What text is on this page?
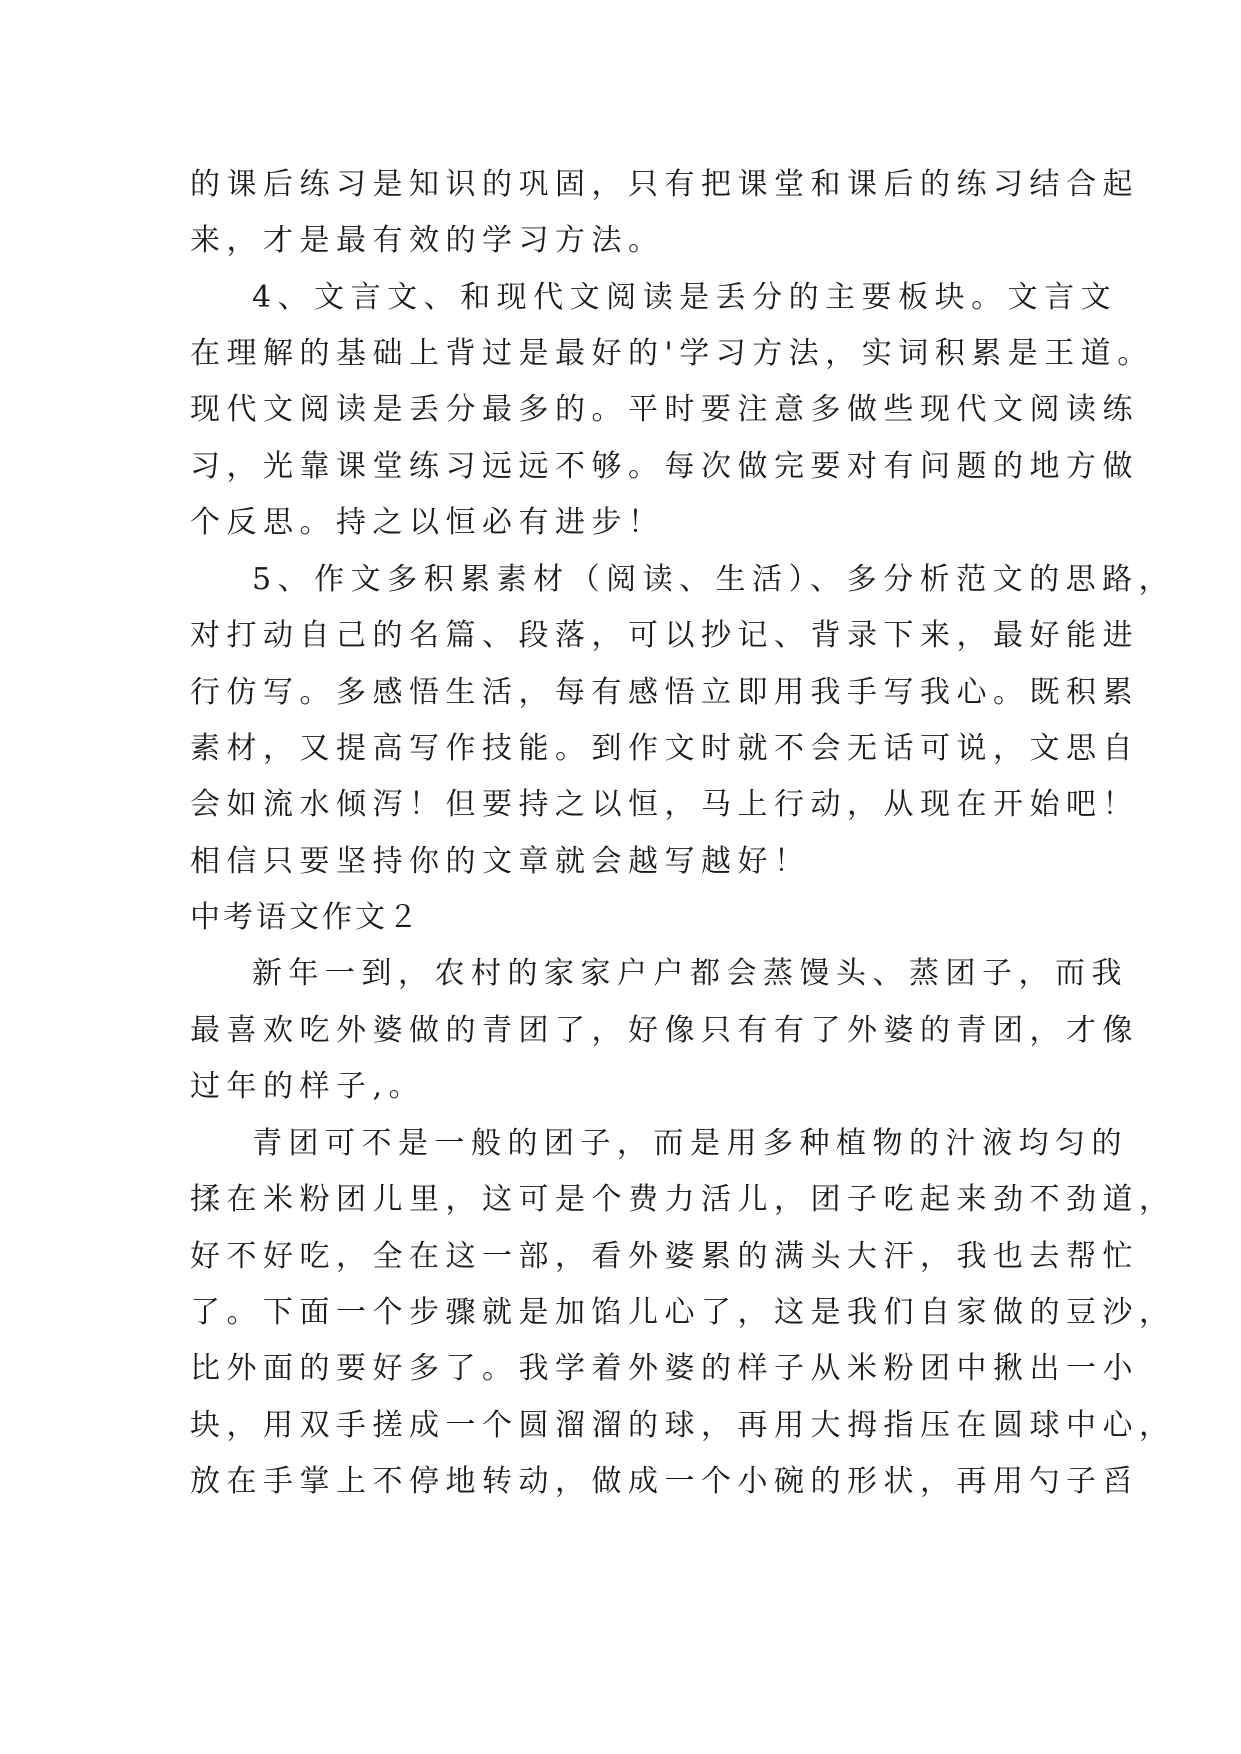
的课后练习是知识的巩固，只有把课堂和课后的练习结合起
来，才是最有效的学习方法。
4、文言文、和现代文阅读是丢分的主要板块。文言文
在理解的基础上背过是最好的'学习方法，实词积累是王道。
现代文阅读是丢分最多的。平时要注意多做些现代文阅读练
习，光靠课堂练习远远不够。每次做完要对有问题的地方做
个反思。持之以恒必有进步！
5、作文多积累素材（阅读、生活）、多分析范文的思路，
对打动自己的名篇、段落，可以抄记、背录下来，最好能进
行仿写。多感悟生活，每有感悟立即用我手写我心。既积累
素材，又提高写作技能。到作文时就不会无话可说，文思自
会如流水倾泻！但要持之以恒，马上行动，从现在开始吧！
相信只要坚持你的文章就会越写越好！
中考语文作文２
新年一到，农村的家家户户都会蒸馒头、蒸团子，而我
最喜欢吃外婆做的青团了，好像只有有了外婆的青团，才像
过年的样子,。
青团可不是一般的团子，而是用多种植物的汁液均匀的
揉在米粉团儿里，这可是个费力活儿，团子吃起来劲不劲道，
好不好吃，全在这一部，看外婆累的满头大汗，我也去帮忙
了。下面一个步骤就是加馅儿心了，这是我们自家做的豆沙，
比外面的要好多了。我学着外婆的样子从米粉团中揪出一小
块，用双手搓成一个圆溜溜的球，再用大拇指压在圆球中心，
放在手掌上不停地转动，做成一个小碗的形状，再用勺子舀
